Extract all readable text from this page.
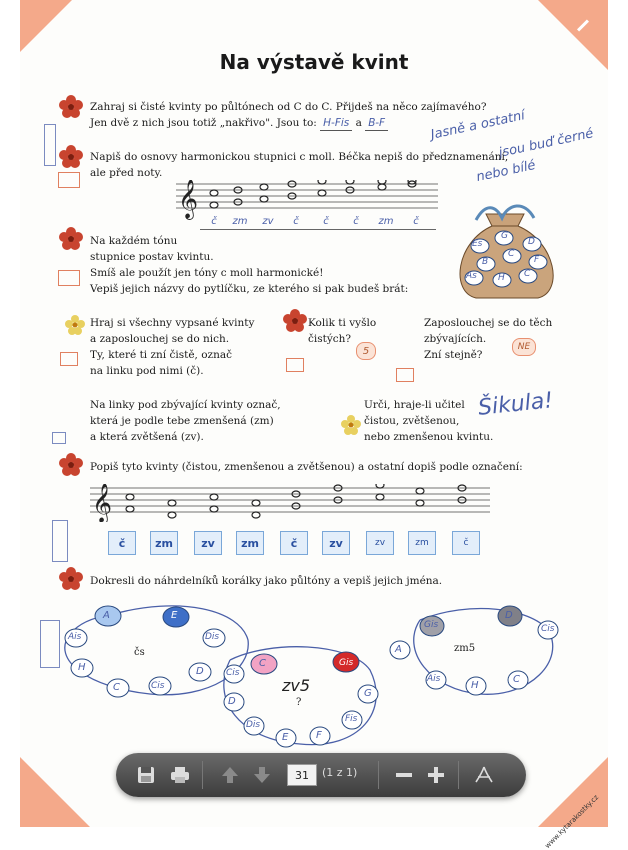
www.kytarakostky.cz
Na výstavě kvint
Zahraj si čisté kvinty po půltónech od C do C. Přijdeš na něco zajímavého?
Jen dvě z nich jsou totiž „nakřivo". Jsou to: H-Fis a B-F	Jasně a ostatní
jsou buď černé
nebo bílé
Napiš do osnovy harmonickou stupnici c moll. Béčka nepiš do předznamenání,
ale před noty.
𝄞
č	zm	zv	č	č	č	zm	č
Na každém tónu
stupnice postav kvintu.
Smíš ale použít jen tóny c moll harmonické!
Vepiš jejich názvy do pytlíčku, ze kterého si pak budeš brát:
Es
G
D
B
C
As H C
F
Hraj si všechny vypsané kvinty
a zaposlouchej se do nich.
Ty, které ti zní čistě, označ
na linku pod nimi (č).
Kolik ti vyšlo
čistých?
5
Zaposlouchej se do těch
zbývajících.
Zní stejně?
NE
Na linky pod zbývající kvinty označ,
která je podle tebe zmenšená (zm)
a která zvětšená (zv).
Urči, hraje-li učitel
čistou, zvětšenou,
nebo zmenšenou kvintu.
Šikula!
Popiš tyto kvinty (čistou, zmenšenou a zvětšenou) a ostatní dopiš podle označení:
𝄞
č	zm	zv	zm	č	zv	zv	zm	č
Dokresli do náhrdelníků korálky jako půltóny a vepiš jejich jména.
A	E
Ais	Dis
H	D
C	Cis
čs
C	Gis
Cis
G
D
Fis
Dis
F
E
zv5
?
Gis
D
A
Cis
Ais
H
C
zm5
31	(1 z 1)
